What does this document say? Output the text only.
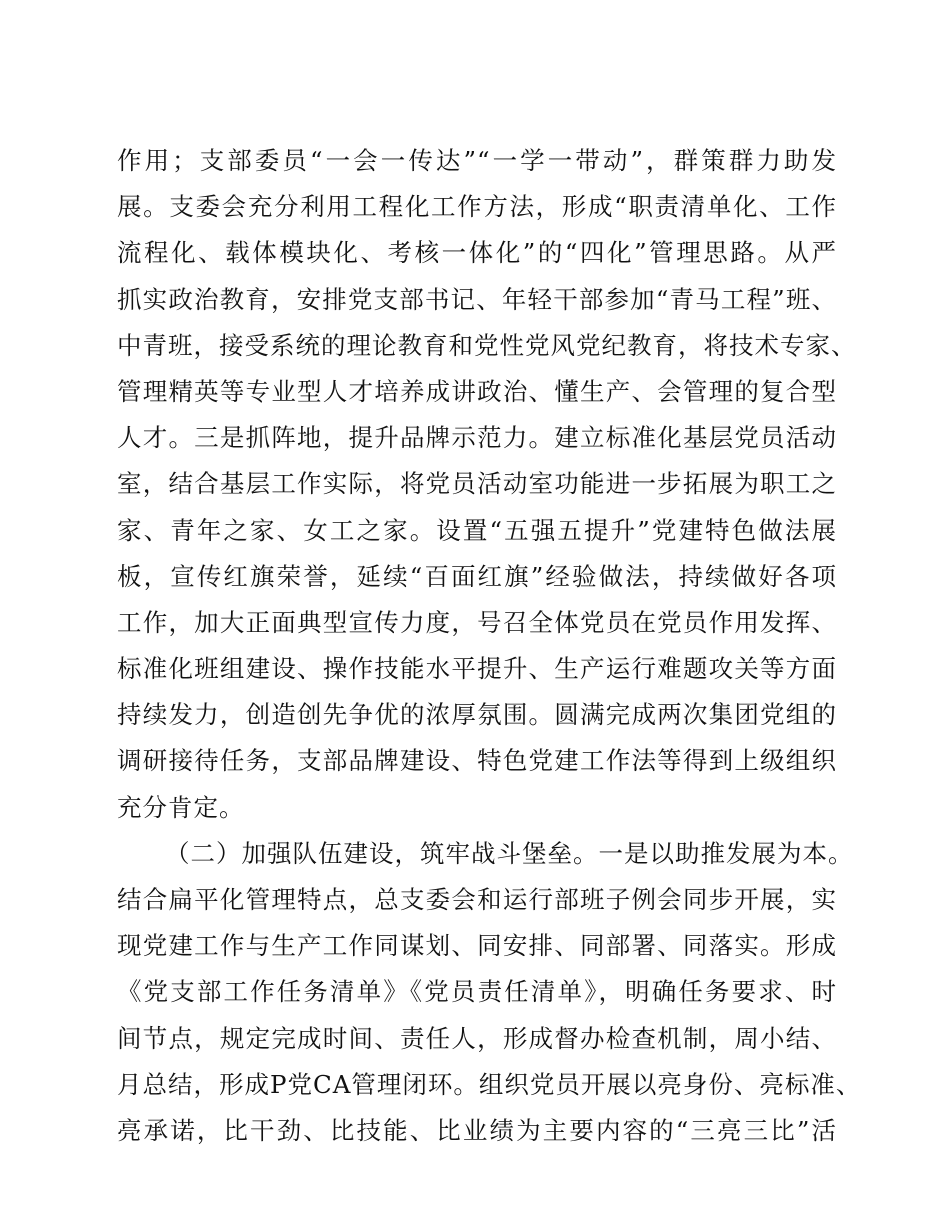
作用；支部委员“一会一传达”“一学一带动”，群策群力助发
展。支委会充分利用工程化工作方法，形成“职责清单化、工作
流程化、载体模块化、考核一体化”的“四化”管理思路。从严
抓实政治教育，安排党支部书记、年轻干部参加“青马工程”班、
中青班，接受系统的理论教育和党性党风党纪教育，将技术专家、
管理精英等专业型人才培养成讲政治、懂生产、会管理的复合型
人才。三是抓阵地，提升品牌示范力。建立标准化基层党员活动
室，结合基层工作实际，将党员活动室功能进一步拓展为职工之
家、青年之家、女工之家。设置“五强五提升”党建特色做法展
板，宣传红旗荣誉，延续“百面红旗”经验做法，持续做好各项
工作，加大正面典型宣传力度，号召全体党员在党员作用发挥、
标准化班组建设、操作技能水平提升、生产运行难题攻关等方面
持续发力，创造创先争优的浓厚氛围。圆满完成两次集团党组的
调研接待任务，支部品牌建设、特色党建工作法等得到上级组织
充分肯定。
（二）加强队伍建设，筑牢战斗堡垒。一是以助推发展为本。
结合扁平化管理特点，总支委会和运行部班子例会同步开展，实
现党建工作与生产工作同谋划、同安排、同部署、同落实。形成
《党支部工作任务清单》《党员责任清单》，明确任务要求、时
间节点，规定完成时间、责任人，形成督办检查机制，周小结、
月总结，形成P党CA管理闭环。组织党员开展以亮身份、亮标准、
亮承诺，比干劲、比技能、比业绩为主要内容的“三亮三比”活
